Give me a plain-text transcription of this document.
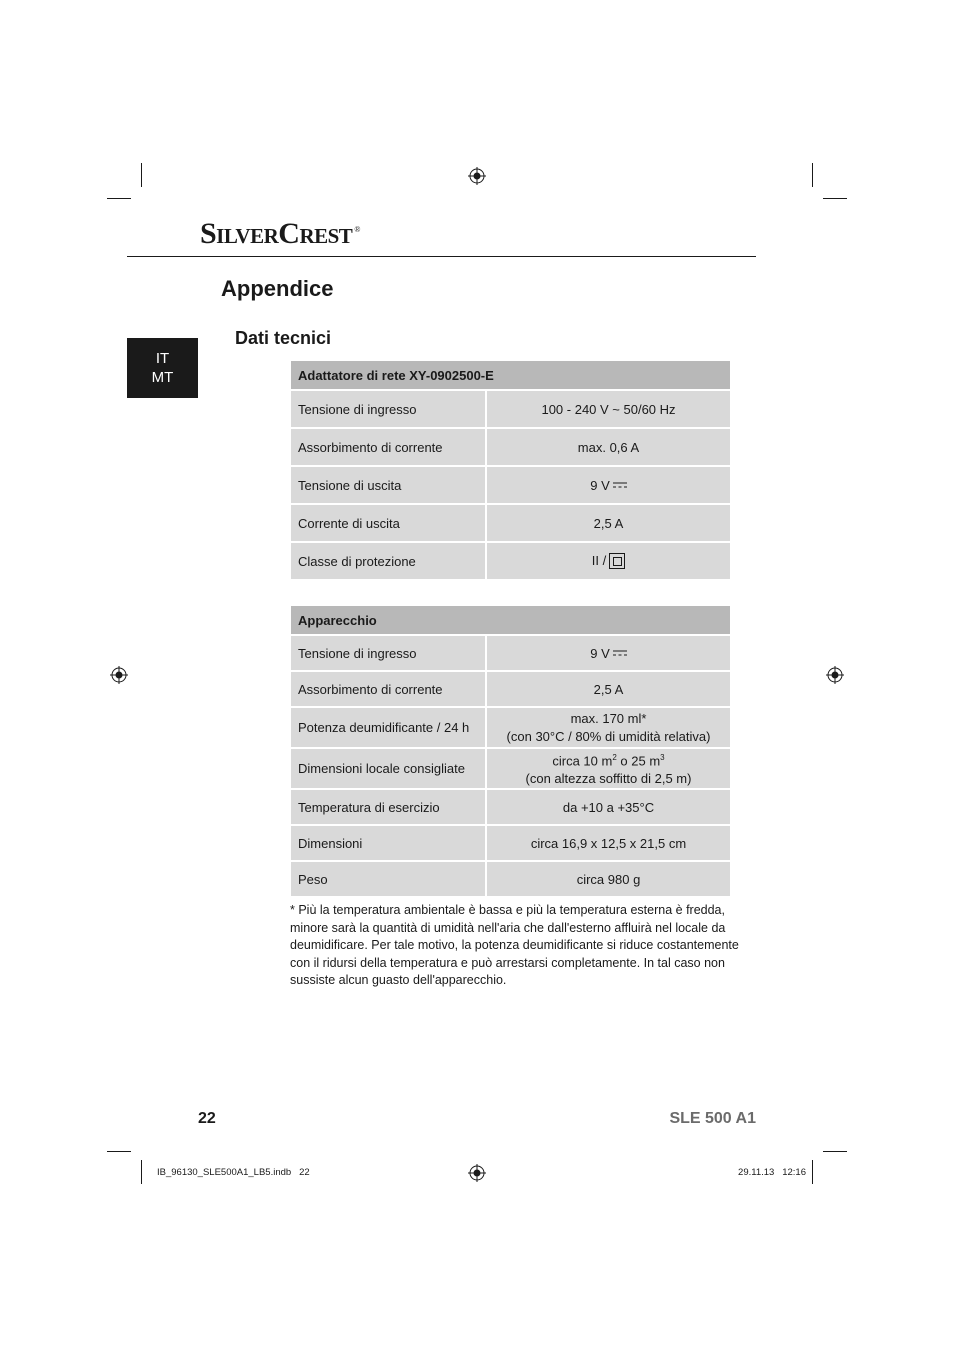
SilverCrest ®
Appendice
Dati tecnici
IT
MT	Adattatore di rete XY-0902500-E	
Tensione di ingresso	100 - 240 V ~ 50/60 Hz
Assorbimento di corrente	max. 0,6 A
Tensione di uscita	9 V
Corrente di uscita	2,5 A
Classe di protezione	II /
Apparecchio	
Tensione di ingresso	9 V
Assorbimento di corrente	2,5 A
Potenza deumidificante / 24 h	max. 170 ml*
(con 30°C / 80% di umidità relativa)

Dimensioni locale consigliate	circa 10 $m^2$ o 25 $m^3$
(con altezza soffitto di 2,5 m)

Temperatura di esercizio	da +10 a +35°C
Dimensioni	circa 16,9 x 12,5 x 21,5 cm
Peso	circa 980 g
* Più la temperatura ambientale è bassa e più la temperatura esterna è fredda, minore sarà la quantità di umidità nell'aria che dall'esterno affluirà nel locale da deumidificare. Per tale motivo, la potenza deumidificante si riduce costantemente con il ridursi della temperatura e può arrestarsi completamente. In tal caso non sussiste alcun guasto dell'apparecchio.
22	SLE 500 A1
IB_96130_SLE500A1_LB5.indb   22	29.11.13   12:16
